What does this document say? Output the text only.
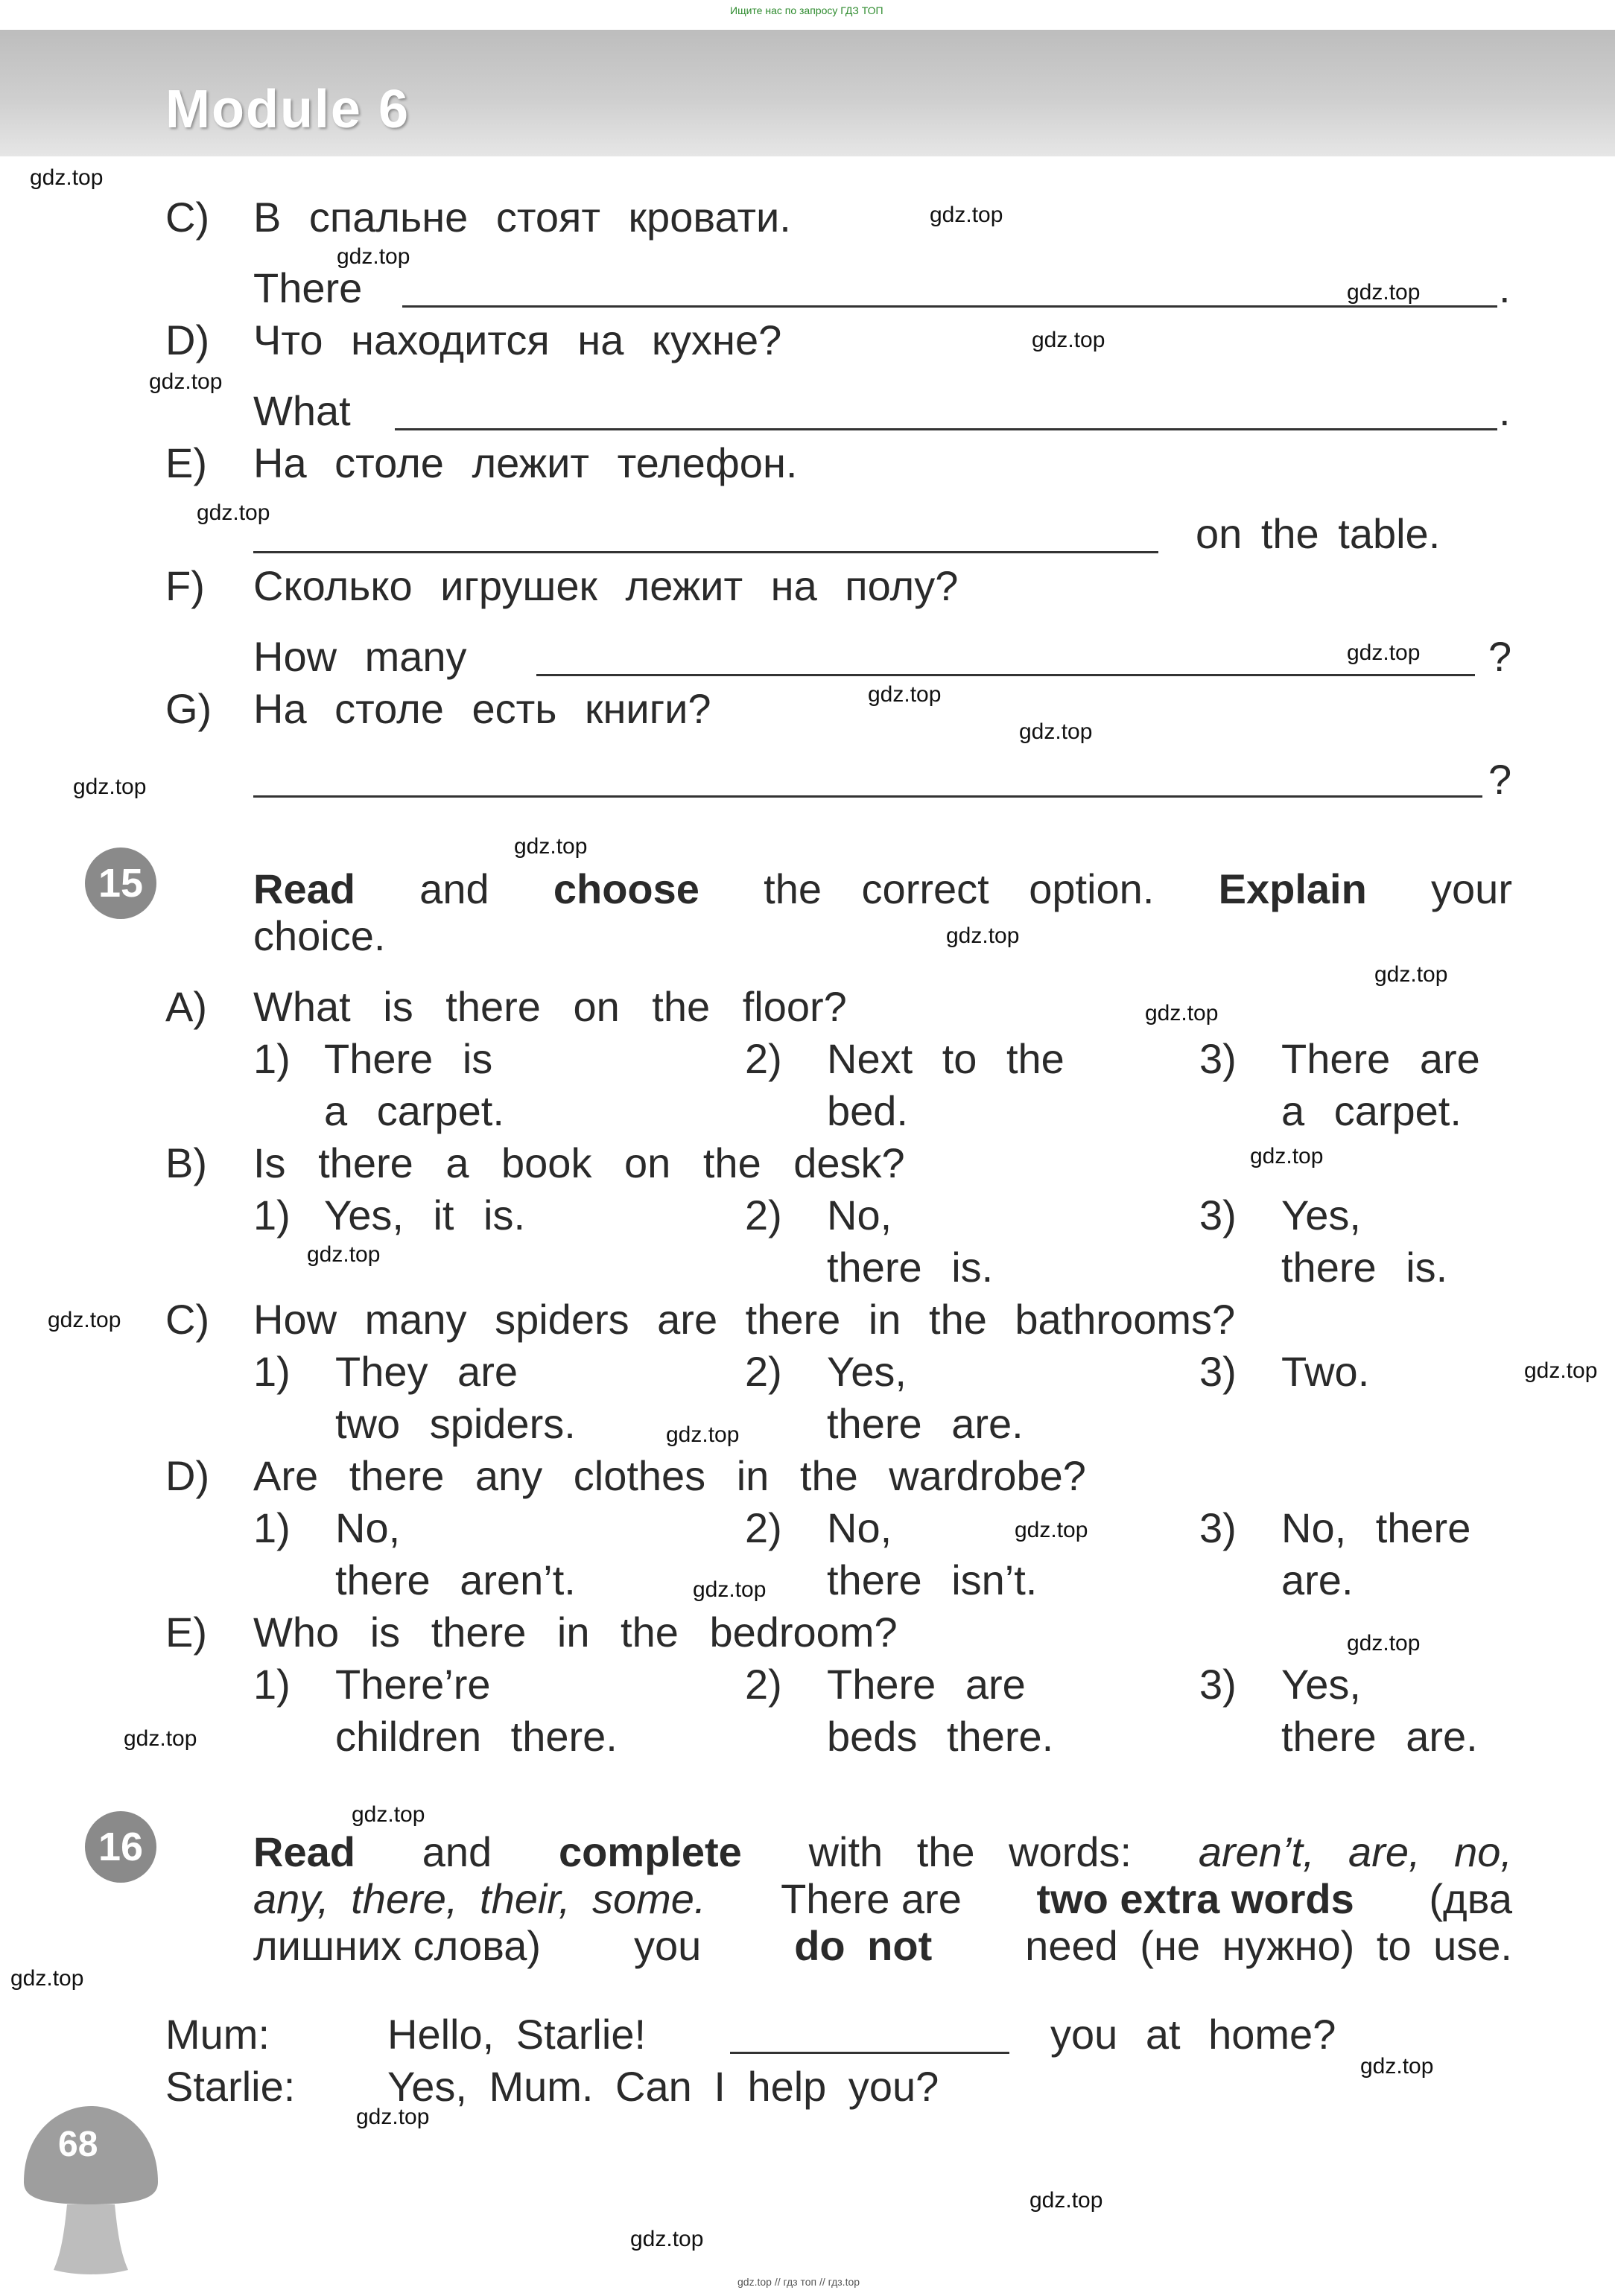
Ищите нас по запросу ГДЗ ТОП
Module 6
C) В спальне стоят кровати.
There	.
D) Что находится на кухне?
What	.
E) На столе лежит телефон.
on the table.
F) Сколько игрушек лежит на полу?
How many	?
G) На столе есть книги?
?
15	Read and choose the correct option. Explain your
choice.
A) What is there on the floor?
1) There is
a carpet.
2) Next to the
bed.
3) There are
a carpet.
B) Is there a book on the desk?
1) Yes, it is.	2) No,
there is.
3) Yes,
there is.
C) How many spiders are there in the bathrooms?
1) They are
two spiders.
2) Yes,
there are.
3) Two.
D) Are there any clothes in the wardrobe?
1) No,
there aren’t.
2) No,
there isn’t.
3) No, there
are.
E) Who is there in the bedroom?
1) There’re
children there.
2) There are
beds there.
3) Yes,
there are.
16	Read and complete with the words: aren’t, are, no,
any, there, their, some. There are two extra words (два
лишних слова) you do not need (не нужно) to use.
Mum:	Hello, Starlie!	you at home?
Starlie: Yes, Mum. Can I help you?
68
gdz.top
gdz.top
gdz.top
gdz.top
gdz.top
gdz.top
gdz.top
gdz.top
gdz.top
gdz.top
gdz.top
gdz.top
gdz.top
gdz.top
gdz.top
gdz.top
gdz.top
gdz.top
gdz.top
gdz.top
gdz.top
gdz.top
gdz.top
gdz.top
gdz.top
gdz.top
gdz.top
gdz.top
gdz.top
gdz.top
gdz.top // гдз топ // гдз.top
